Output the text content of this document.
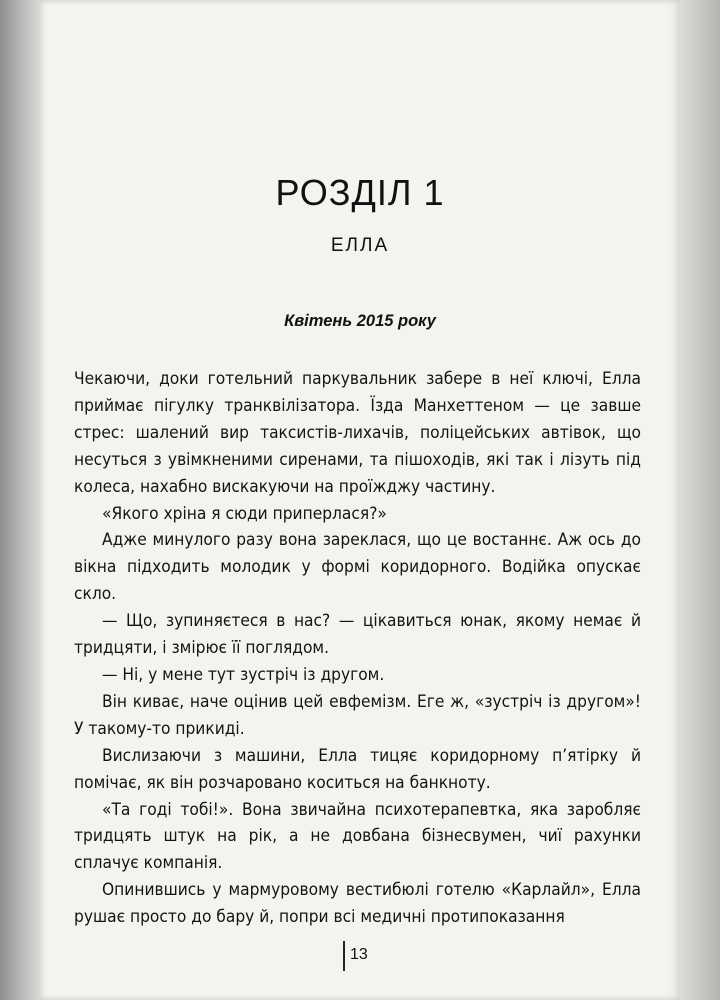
РОЗДІЛ 1
ЕЛЛА
Квітень 2015 року

Чекаючи, доки готельний паркувальник забере в неї ключі, Елла приймає пігулку транквілізатора. Їзда Манхеттеном — це завше стрес: шалений вир таксистів-лихачів, поліцейських автівок, що несуться з увімкненими сиренами, та пішоходів, які так і лізуть під колеса, нахабно вискакуючи на проїжджу частину.

«Якого хріна я сюди приперлася?»

Адже минулого разу вона зареклася, що це востаннє. Аж ось до вікна підходить молодик у формі коридорного. Водійка опускає скло.

— Що, зупиняєтеся в нас? — цікавиться юнак, якому немає й тридцяти, і змірює її поглядом.

— Ні, у мене тут зустріч із другом.

Він киває, наче оцінив цей евфемізм. Еге ж, «зустріч із другом»! У такому-то прикиді.

Вислизаючи з машини, Елла тицяє коридорному п’ятірку й помічає, як він розчаровано коситься на банкноту.

«Та годі тобі!». Вона звичайна психотерапевтка, яка заробляє тридцять штук на рік, а не довбана бізнесвумен, чиї рахунки сплачує компанія.

Опинившись у мармуровому вестибюлі готелю «Карлайл», Елла рушає просто до бару й, попри всі медичні протипоказання

13
